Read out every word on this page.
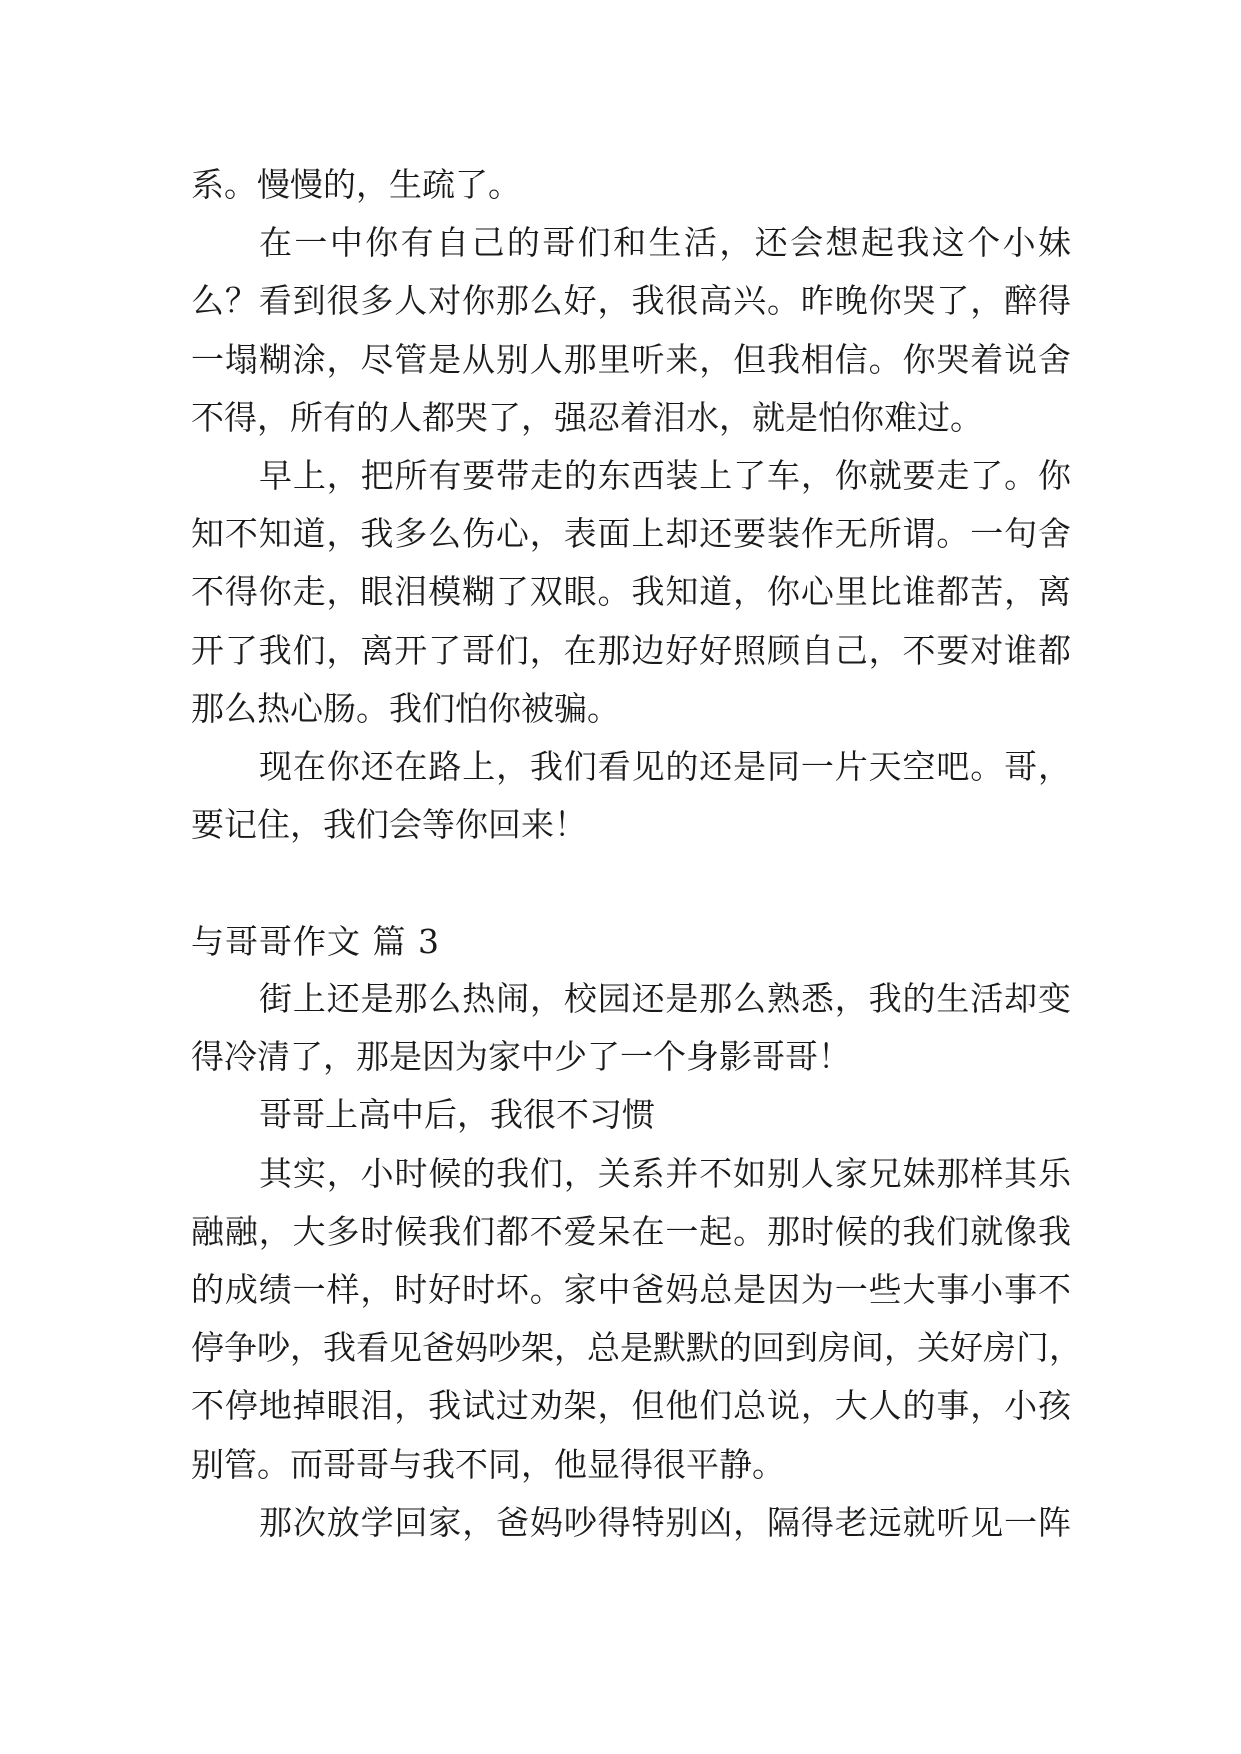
系。慢慢的，生疏了。
在一中你有自己的哥们和生活，还会想起我这个小妹
么？看到很多人对你那么好，我很高兴。昨晚你哭了，醉得
一塌糊涂，尽管是从别人那里听来，但我相信。你哭着说舍
不得，所有的人都哭了，强忍着泪水，就是怕你难过。
早上，把所有要带走的东西装上了车，你就要走了。你
知不知道，我多么伤心，表面上却还要装作无所谓。一句舍
不得你走，眼泪模糊了双眼。我知道，你心里比谁都苦，离
开了我们，离开了哥们，在那边好好照顾自己，不要对谁都
那么热心肠。我们怕你被骗。
现在你还在路上，我们看见的还是同一片天空吧。哥，
要记住，我们会等你回来！
与哥哥作文 篇 3
街上还是那么热闹，校园还是那么熟悉，我的生活却变
得冷清了，那是因为家中少了一个身影哥哥！
哥哥上高中后，我很不习惯
其实，小时候的我们，关系并不如别人家兄妹那样其乐
融融，大多时候我们都不爱呆在一起。那时候的我们就像我
的成绩一样，时好时坏。家中爸妈总是因为一些大事小事不
停争吵，我看见爸妈吵架，总是默默的回到房间，关好房门，
不停地掉眼泪，我试过劝架，但他们总说，大人的事，小孩
别管。而哥哥与我不同，他显得很平静。
那次放学回家，爸妈吵得特别凶，隔得老远就听见一阵
